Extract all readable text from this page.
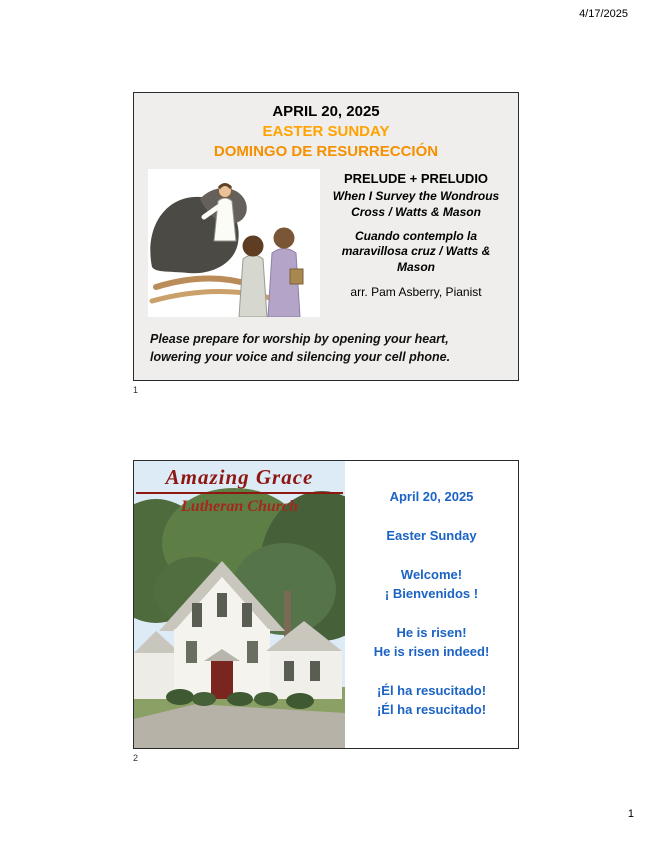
4/17/2025
APRIL 20, 2025
EASTER SUNDAY
DOMINGO DE RESURRECCIÓN
PRELUDE + PRELUDIO
When I Survey the Wondrous Cross / Watts & Mason
Cuando contemplo la maravillosa cruz / Watts & Mason
arr. Pam Asberry, Pianist
Please prepare for worship by opening your heart, lowering your voice and silencing your cell phone.
1
Amazing Grace
Lutheran Church
April 20, 2025
Easter Sunday
Welcome!
¡ Bienvenidos !
He is risen!
He is risen indeed!
¡Él ha resucitado!
¡Él ha resucitado!
2
1
